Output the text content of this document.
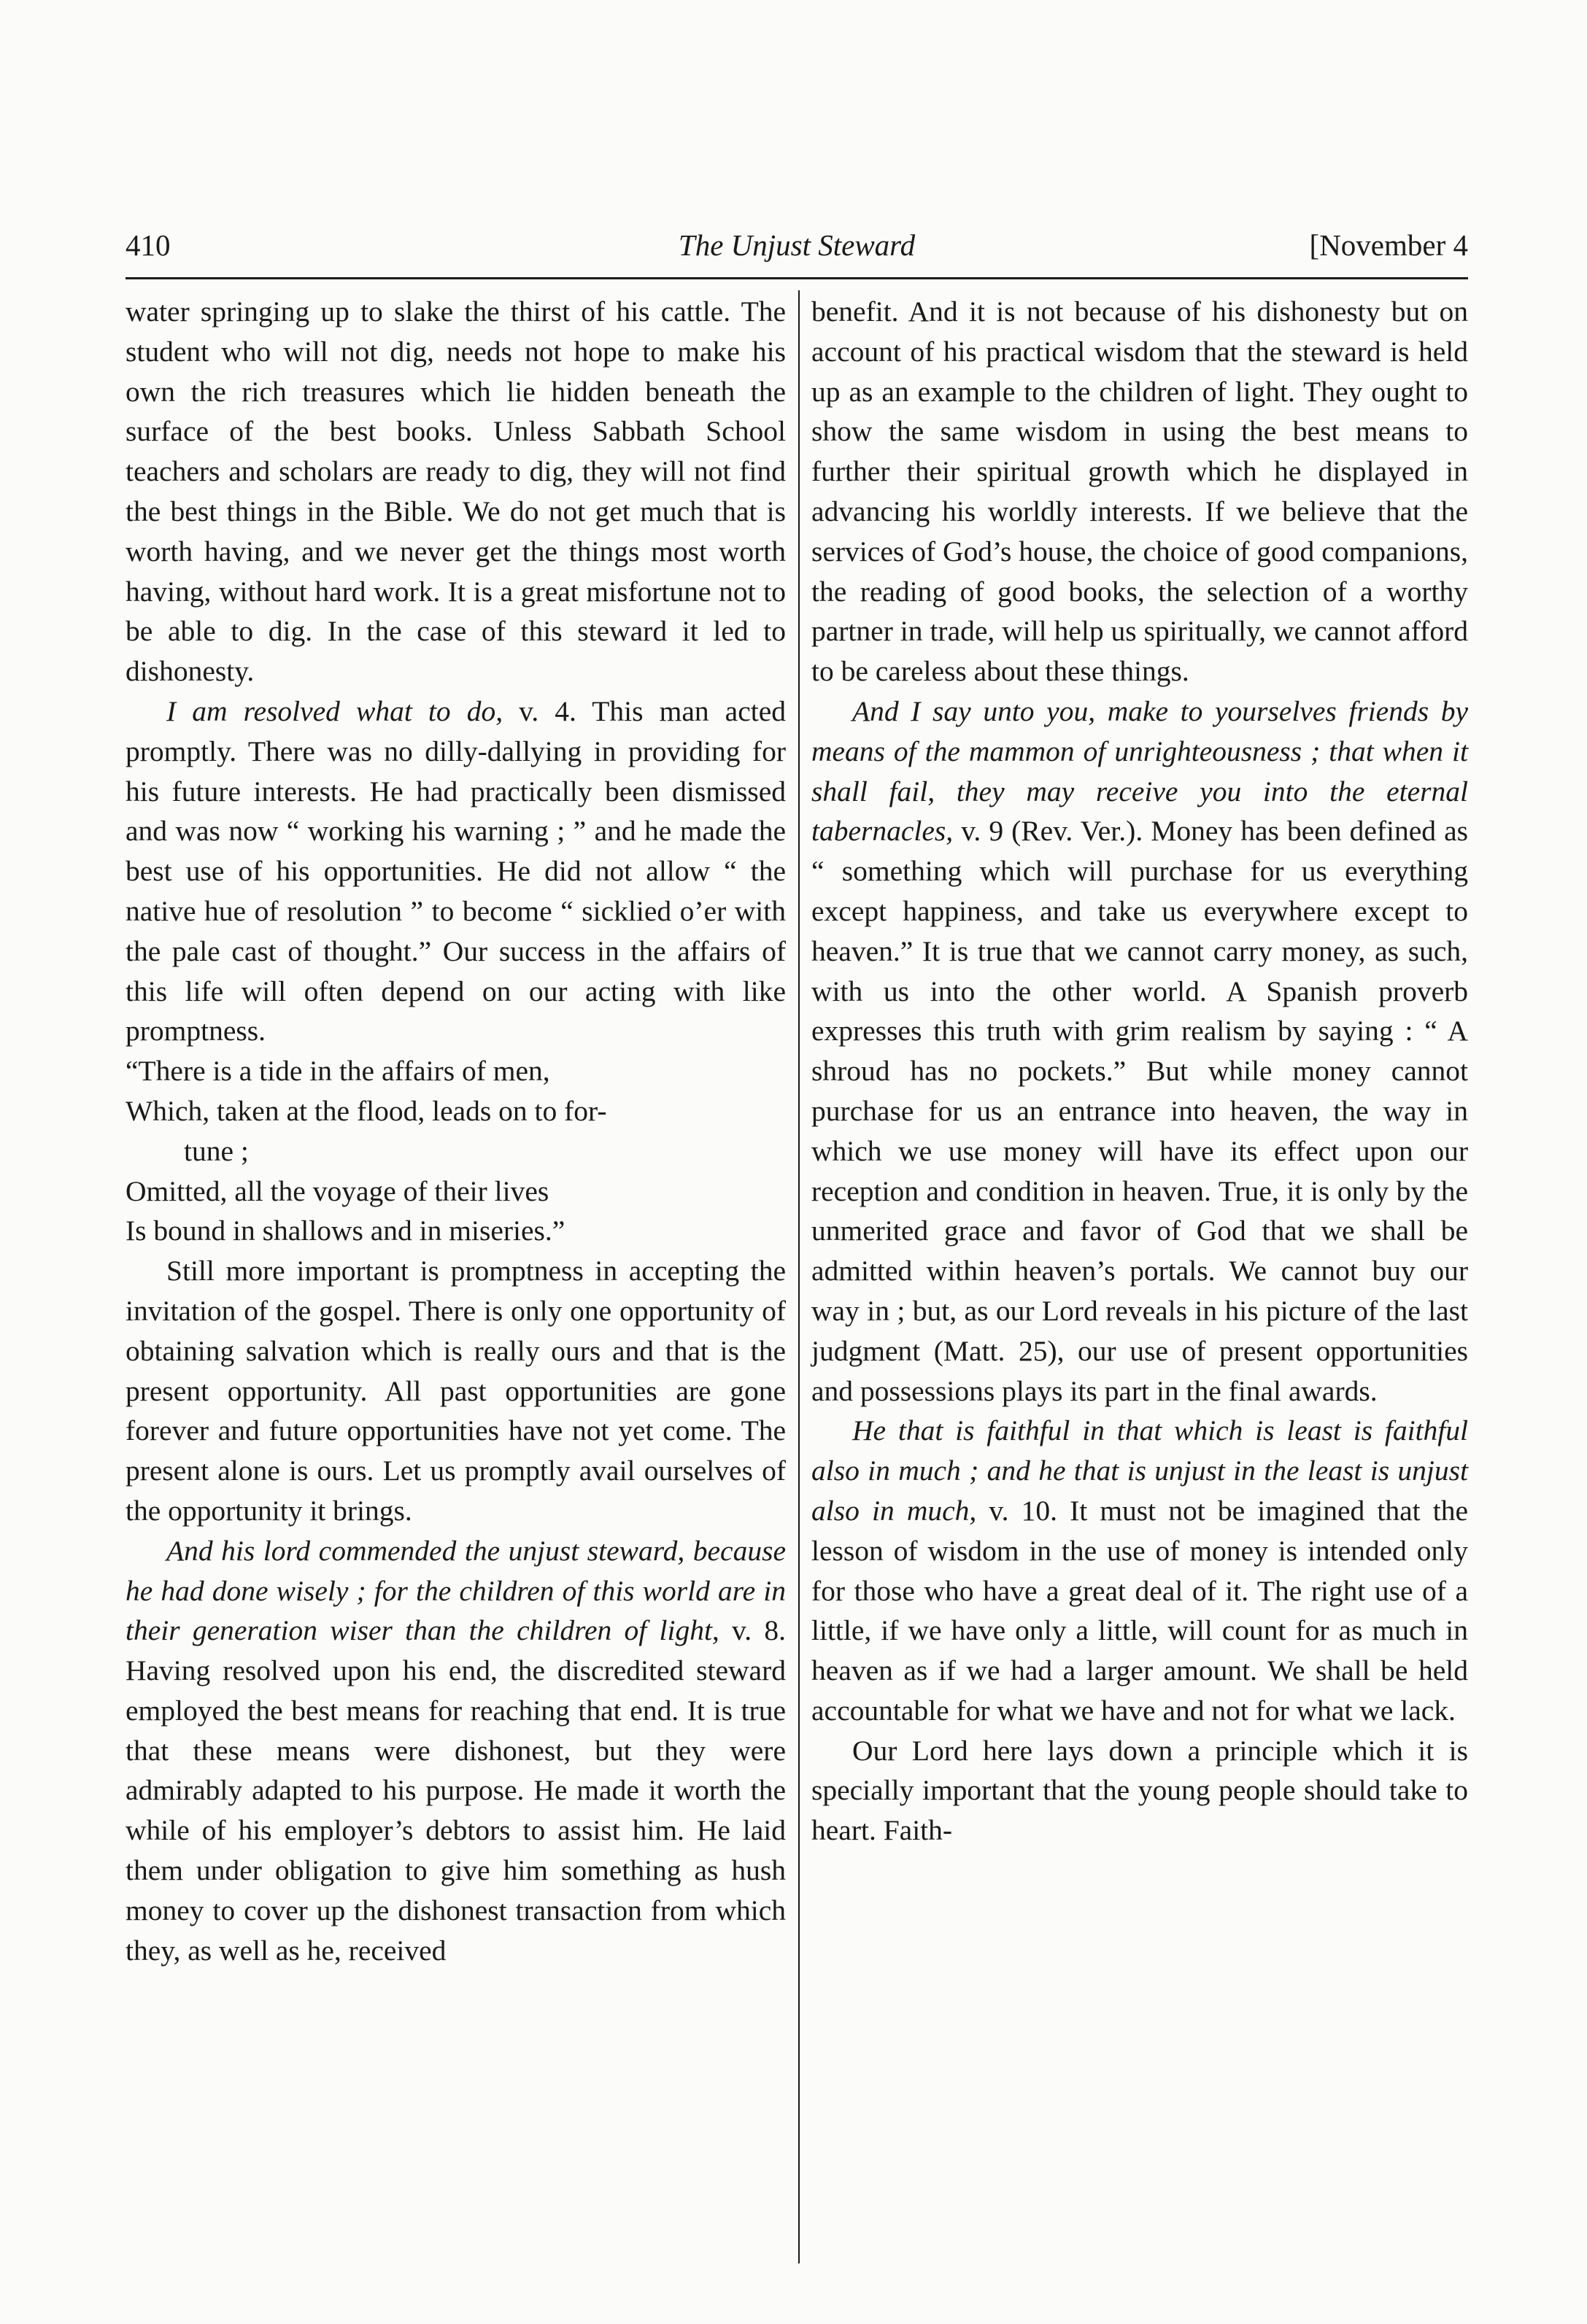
410	The Unjust Steward	[November 4

water springing up to slake the thirst of his cattle. The student who will not dig, needs not hope to make his own the rich treasures which lie hidden beneath the surface of the best books. Unless Sabbath School teachers and scholars are ready to dig, they will not find the best things in the Bible. We do not get much that is worth having, and we never get the things most worth having, without hard work. It is a great misfortune not to be able to dig. In the case of this steward it led to dishonesty.

I am resolved what to do, v. 4. This man acted promptly. There was no dilly-dallying in providing for his future interests. He had practically been dismissed and was now “ working his warning ; ” and he made the best use of his opportunities. He did not allow “ the native hue of resolution ” to become “ sicklied o’er with the pale cast of thought.” Our success in the affairs of this life will often depend on our acting with like promptness.

“There is a tide in the affairs of men,
Which, taken at the flood, leads on to for-
tune ;
Omitted, all the voyage of their lives
Is bound in shallows and in miseries.”

Still more important is promptness in accepting the invitation of the gospel. There is only one opportunity of obtaining salvation which is really ours and that is the present opportunity. All past opportunities are gone forever and future opportunities have not yet come. The present alone is ours. Let us promptly avail ourselves of the opportunity it brings.

And his lord commended the unjust steward, because he had done wisely ; for the children of this world are in their generation wiser than the children of light, v. 8. Having resolved upon his end, the discredited steward employed the best means for reaching that end. It is true that these means were dishonest, but they were admirably adapted to his purpose. He made it worth the while of his employer’s debtors to assist him. He laid them under obligation to give him something as hush money to cover up the dishonest transaction from which they, as well as he, received

benefit. And it is not because of his dishonesty but on account of his practical wisdom that the steward is held up as an example to the children of light. They ought to show the same wisdom in using the best means to further their spiritual growth which he displayed in advancing his worldly interests. If we believe that the services of God’s house, the choice of good companions, the reading of good books, the selection of a worthy partner in trade, will help us spiritually, we cannot afford to be careless about these things.

And I say unto you, make to yourselves friends by means of the mammon of unrighteousness ; that when it shall fail, they may receive you into the eternal tabernacles, v. 9 (Rev. Ver.). Money has been defined as “ something which will purchase for us everything except happiness, and take us everywhere except to heaven.” It is true that we cannot carry money, as such, with us into the other world. A Spanish proverb expresses this truth with grim realism by saying : “ A shroud has no pockets.” But while money cannot purchase for us an entrance into heaven, the way in which we use money will have its effect upon our reception and condition in heaven. True, it is only by the unmerited grace and favor of God that we shall be admitted within heaven’s portals. We cannot buy our way in ; but, as our Lord reveals in his picture of the last judgment (Matt. 25), our use of present opportunities and possessions plays its part in the final awards.

He that is faithful in that which is least is faithful also in much ; and he that is unjust in the least is unjust also in much, v. 10. It must not be imagined that the lesson of wisdom in the use of money is intended only for those who have a great deal of it. The right use of a little, if we have only a little, will count for as much in heaven as if we had a larger amount. We shall be held accountable for what we have and not for what we lack.

Our Lord here lays down a principle which it is specially important that the young people should take to heart. Faith-
